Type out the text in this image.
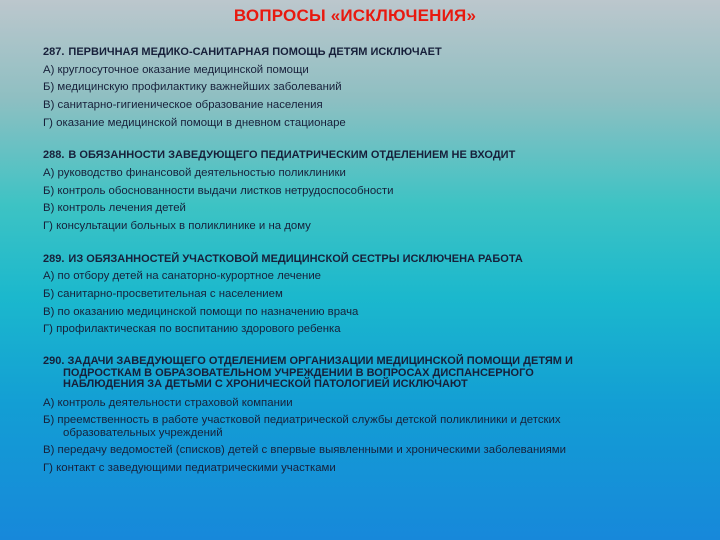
ВОПРОСЫ «ИСКЛЮЧЕНИЯ»
287. ПЕРВИЧНАЯ МЕДИКО-САНИТАРНАЯ ПОМОЩЬ ДЕТЯМ ИСКЛЮЧАЕТ
А) круглосуточное оказание медицинской помощи
Б) медицинскую профилактику важнейших заболеваний
В) санитарно-гигиеническое образование населения
Г) оказание медицинской помощи в дневном стационаре
288. В ОБЯЗАННОСТИ ЗАВЕДУЮЩЕГО ПЕДИАТРИЧЕСКИМ ОТДЕЛЕНИЕМ НЕ ВХОДИТ
А) руководство финансовой деятельностью поликлиники
Б) контроль обоснованности выдачи листков нетрудоспособности
В) контроль лечения детей
Г) консультации больных в поликлинике и на дому
289. ИЗ ОБЯЗАННОСТЕЙ УЧАСТКОВОЙ МЕДИЦИНСКОЙ СЕСТРЫ ИСКЛЮЧЕНА РАБОТА
А) по отбору детей на санаторно-курортное лечение
Б) санитарно-просветительная с населением
В) по оказанию медицинской помощи по назначению врача
Г) профилактическая по воспитанию здорового ребенка
290. ЗАДАЧИ ЗАВЕДУЮЩЕГО ОТДЕЛЕНИЕМ ОРГАНИЗАЦИИ МЕДИЦИНСКОЙ ПОМОЩИ ДЕТЯМ И
ПОДРОСТКАМ В ОБРАЗОВАТЕЛЬНОМ УЧРЕЖДЕНИИ В ВОПРОСАХ ДИСПАНСЕРНОГО
НАБЛЮДЕНИЯ ЗА ДЕТЬМИ С ХРОНИЧЕСКОЙ ПАТОЛОГИЕЙ ИСКЛЮЧАЮТ
А) контроль деятельности страховой компании
Б) преемственность в работе участковой педиатрической службы детской поликлиники и детских
образовательных учреждений
В) передачу ведомостей (списков) детей с впервые выявленными и хроническими заболеваниями
Г) контакт с заведующими педиатрическими участками
